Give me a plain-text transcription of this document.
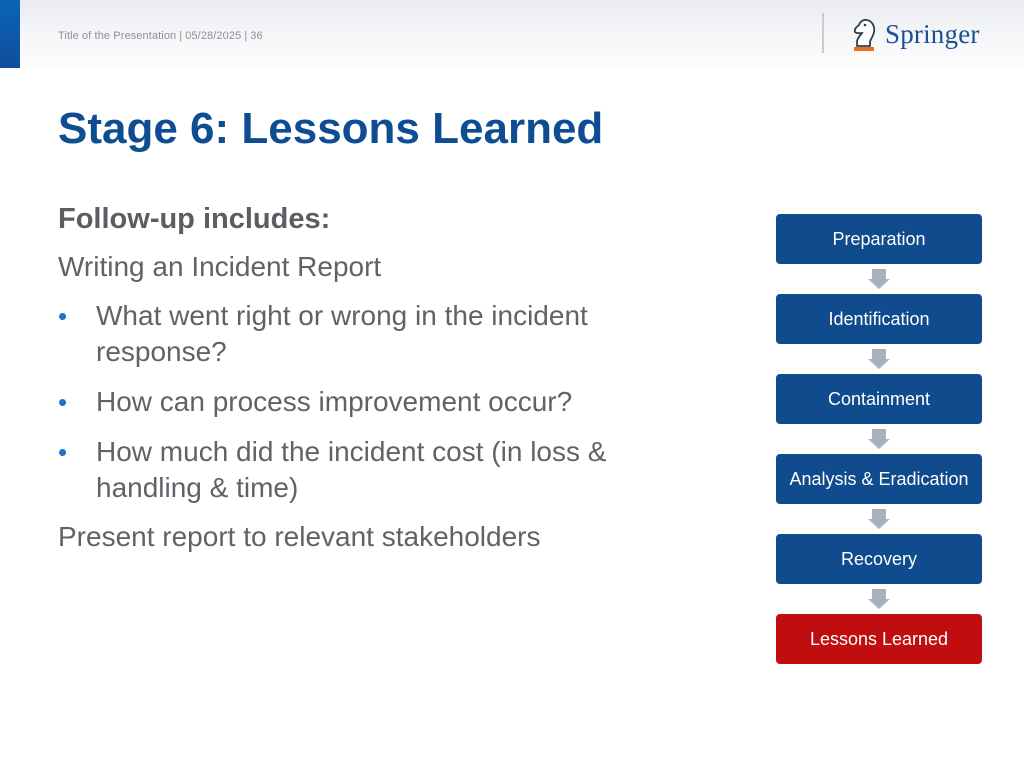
Title of the Presentation | 05/28/2025 | 36	Springer
Stage 6: Lessons Learned
Follow-up includes:
Writing an Incident Report
• What went right or wrong in the incident response?
• How can process improvement occur?
• How much did the incident cost (in loss & handling & time)
Present report to relevant stakeholders
Preparation
Identification
Containment
Analysis & Eradication
Recovery
Lessons Learned
